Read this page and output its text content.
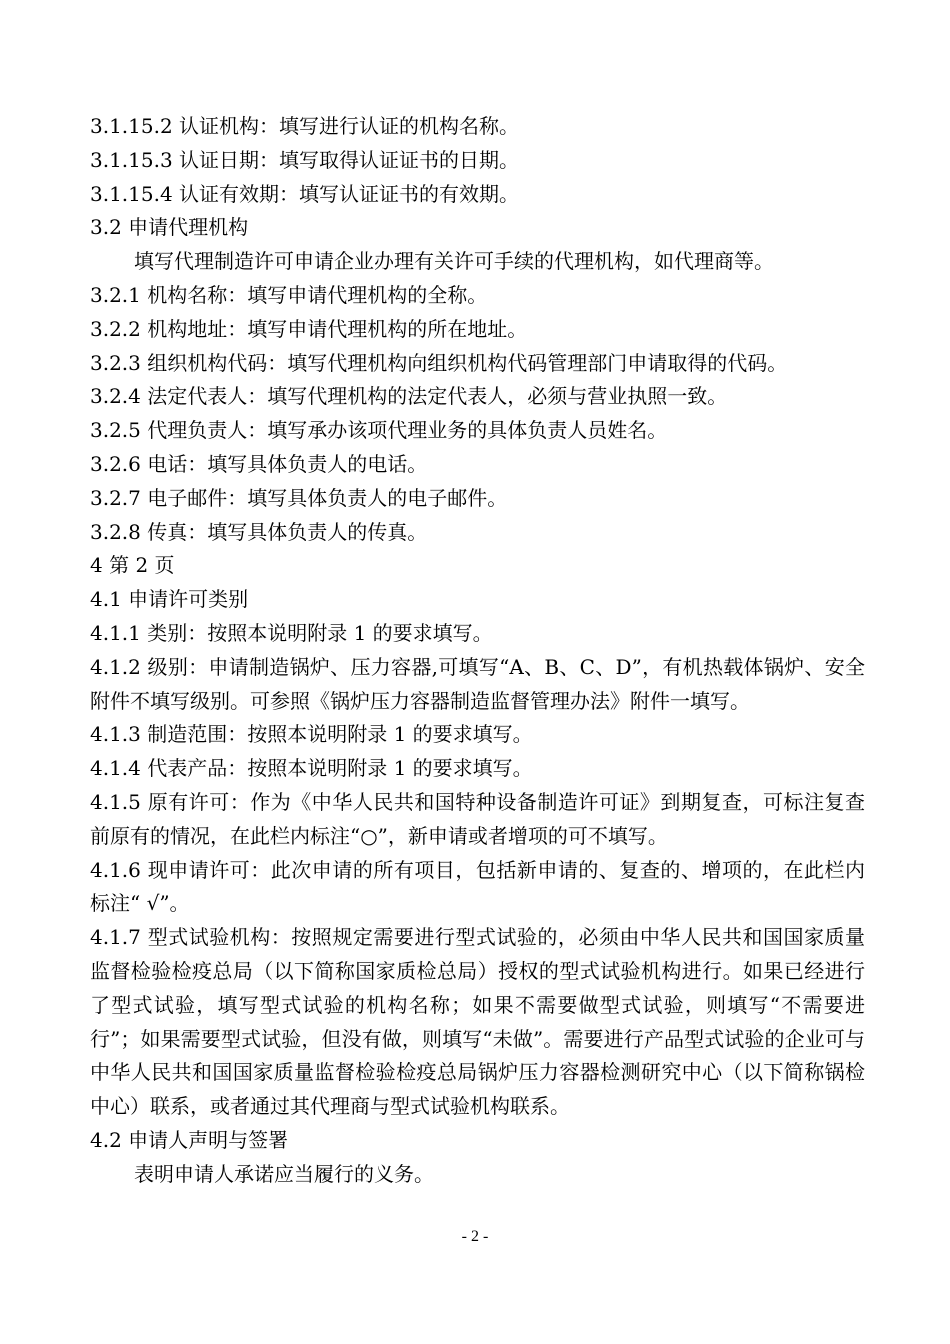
3.1.15.2 认证机构：填写进行认证的机构名称。
3.1.15.3 认证日期：填写取得认证证书的日期。
3.1.15.4 认证有效期：填写认证证书的有效期。
3.2 申请代理机构
填写代理制造许可申请企业办理有关许可手续的代理机构，如代理商等。
3.2.1 机构名称：填写申请代理机构的全称。
3.2.2 机构地址：填写申请代理机构的所在地址。
3.2.3 组织机构代码：填写代理机构向组织机构代码管理部门申请取得的代码。
3.2.4 法定代表人：填写代理机构的法定代表人，必须与营业执照一致。
3.2.5 代理负责人：填写承办该项代理业务的具体负责人员姓名。
3.2.6 电话：填写具体负责人的电话。
3.2.7 电子邮件：填写具体负责人的电子邮件。
3.2.8 传真：填写具体负责人的传真。
4 第 2 页
4.1 申请许可类别
4.1.1 类别：按照本说明附录 1 的要求填写。
4.1.2 级别：申请制造锅炉、压力容器,可填写“A、B、C、D”，有机热载体锅炉、安全附件不填写级别。可参照《锅炉压力容器制造监督管理办法》附件一填写。
4.1.3 制造范围：按照本说明附录 1 的要求填写。
4.1.4 代表产品：按照本说明附录 1 的要求填写。
4.1.5 原有许可：作为《中华人民共和国特种设备制造许可证》到期复查，可标注复查前原有的情况，在此栏内标注“○”，新申请或者增项的可不填写。
4.1.6 现申请许可：此次申请的所有项目，包括新申请的、复查的、增项的，在此栏内标注“ √”。
4.1.7 型式试验机构：按照规定需要进行型式试验的，必须由中华人民共和国国家质量监督检验检疫总局（以下简称国家质检总局）授权的型式试验机构进行。如果已经进行了型式试验，填写型式试验的机构名称；如果不需要做型式试验，则填写“不需要进行”；如果需要型式试验，但没有做，则填写“未做”。需要进行产品型式试验的企业可与中华人民共和国国家质量监督检验检疫总局锅炉压力容器检测研究中心（以下简称锅检中心）联系，或者通过其代理商与型式试验机构联系。
4.2 申请人声明与签署
表明申请人承诺应当履行的义务。
- 2 -
